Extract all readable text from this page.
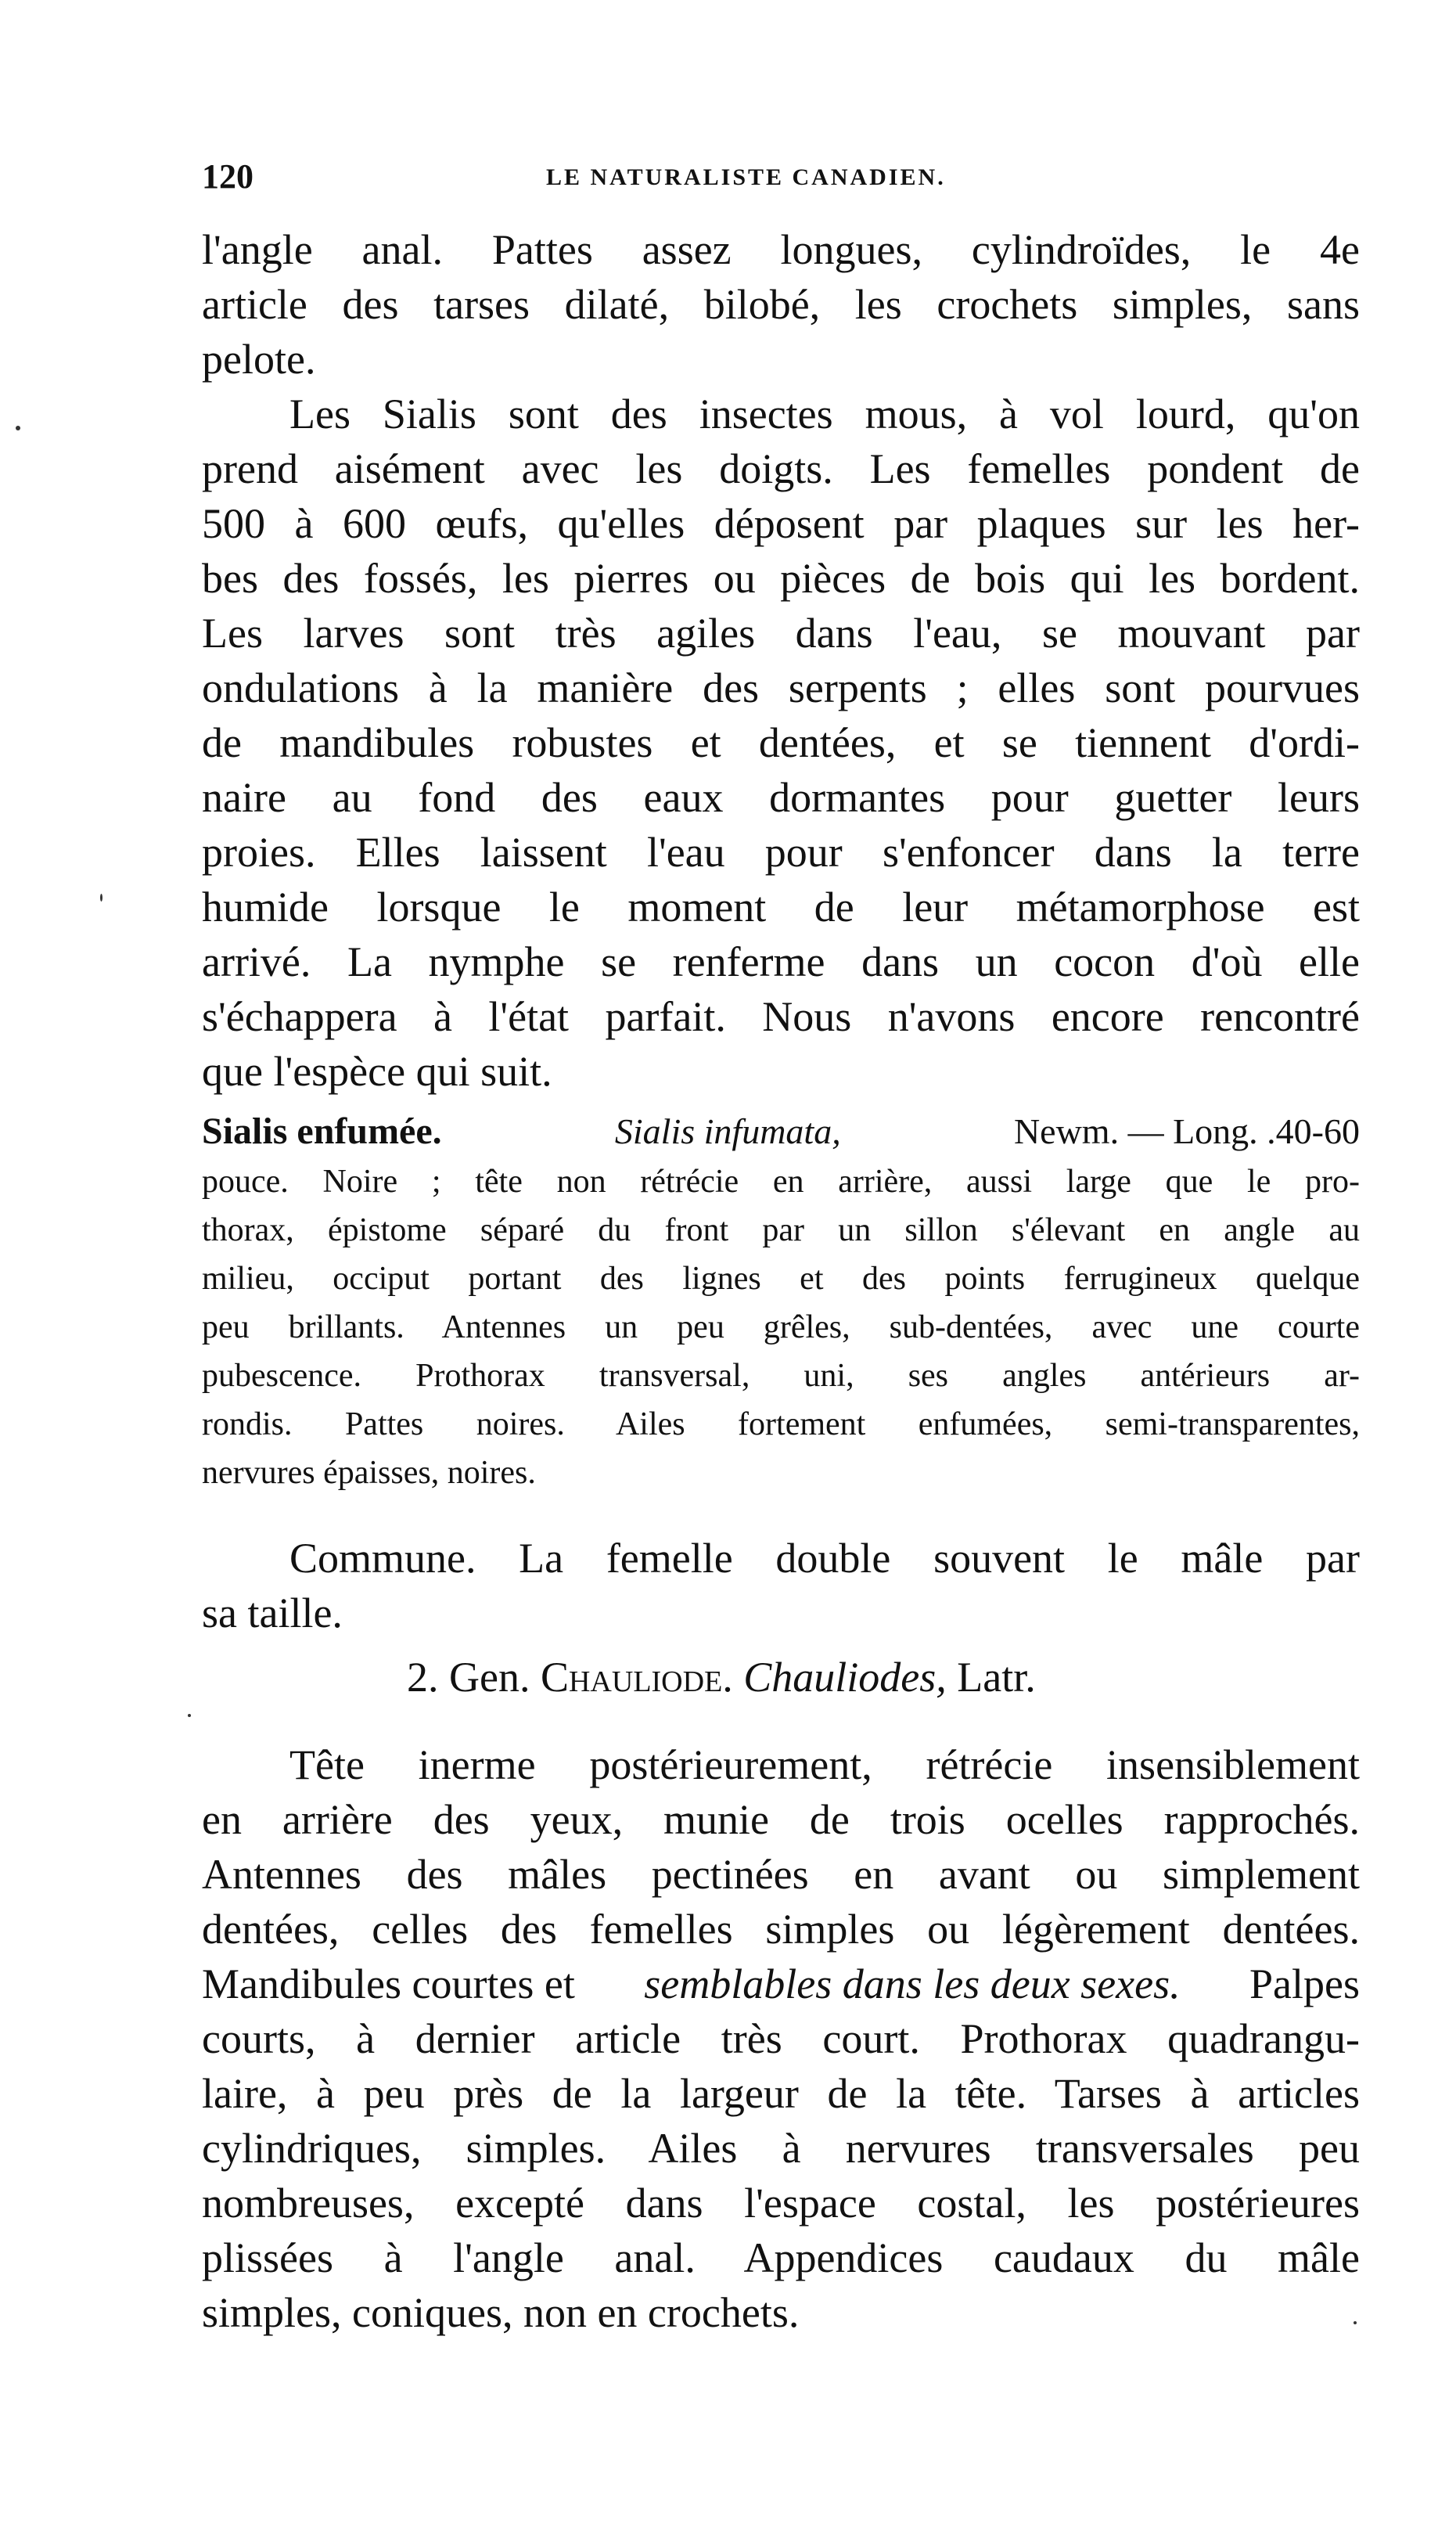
120	LE NATURALISTE CANADIEN.
l'angle anal. Pattes assez longues, cylindroïdes, le 4e
article des tarses dilaté, bilobé, les crochets simples, sans
pelote.
Les Sialis sont des insectes mous, à vol lourd, qu'on
prend aisément avec les doigts. Les femelles pondent de
500 à 600 œufs, qu'elles déposent par plaques sur les her-
bes des fossés, les pierres ou pièces de bois qui les bordent.
Les larves sont très agiles dans l'eau, se mouvant par
ondulations à la manière des serpents ; elles sont pourvues
de mandibules robustes et dentées, et se tiennent d'ordi-
naire au fond des eaux dormantes pour guetter leurs
proies. Elles laissent l'eau pour s'enfoncer dans la terre
humide lorsque le moment de leur métamorphose est
arrivé. La nymphe se renferme dans un cocon d'où elle
s'échappera à l'état parfait. Nous n'avons encore rencontré
que l'espèce qui suit.
Sialis enfumée.	Sialis infumata,	Newm. — Long. .40-60
pouce. Noire ; tête non rétrécie en arrière, aussi large que le pro-
thorax, épistome séparé du front par un sillon s'élevant en angle au
milieu, occiput portant des lignes et des points ferrugineux quelque
peu brillants. Antennes un peu grêles, sub-dentées, avec une courte
pubescence. Prothorax transversal, uni, ses angles antérieurs ar-
rondis. Pattes noires. Ailes fortement enfumées, semi-transparentes,
nervures épaisses, noires.
Commune. La femelle double souvent le mâle par
sa taille.
2. Gen. Chauliode. Chauliodes, Latr.
Tête inerme postérieurement, rétrécie insensiblement
en arrière des yeux, munie de trois ocelles rapprochés.
Antennes des mâles pectinées en avant ou simplement
dentées, celles des femelles simples ou légèrement dentées.
Mandibules courtes et semblables dans les deux sexes. Palpes
courts, à dernier article très court. Prothorax quadrangu-
laire, à peu près de la largeur de la tête. Tarses à articles
cylindriques, simples. Ailes à nervures transversales peu
nombreuses, excepté dans l'espace costal, les postérieures
plissées à l'angle anal. Appendices caudaux du mâle
simples, coniques, non en crochets.
